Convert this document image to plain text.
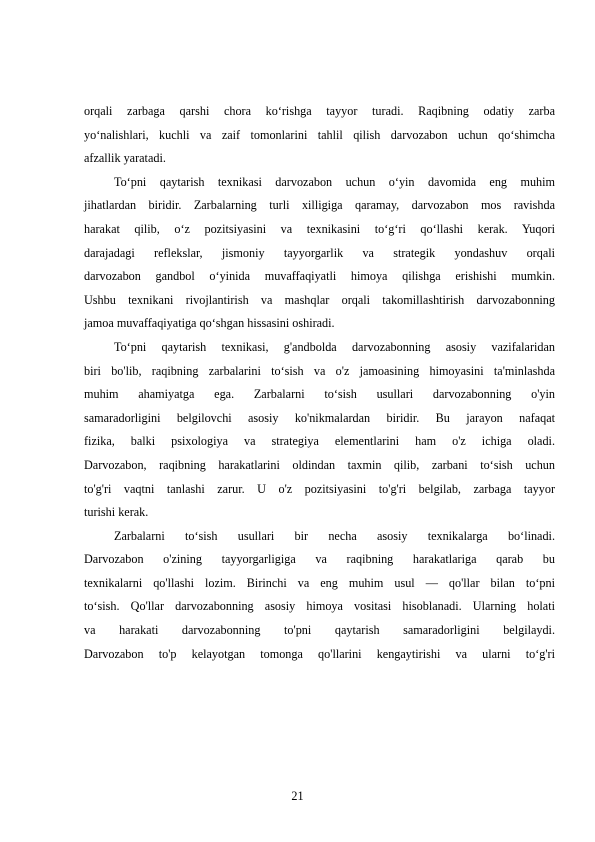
orqali zarbaga qarshi chora ko‘rishga tayyor turadi. Raqibning odatiy zarba
yo‘nalishlari, kuchli va zaif tomonlarini tahlil qilish darvozabon uchun qo‘shimcha
afzallik yaratadi.
To‘pni qaytarish texnikasi darvozabon uchun o‘yin davomida eng muhim
jihatlardan biridir. Zarbalarning turli xilligiga qaramay, darvozabon mos ravishda
harakat qilib, o‘z pozitsiyasini va texnikasini to‘g‘ri qo‘llashi kerak. Yuqori
darajadagi reflekslar, jismoniy tayyorgarlik va strategik yondashuv orqali
darvozabon gandbol o‘yinida muvaffaqiyatli himoya qilishga erishishi mumkin.
Ushbu texnikani rivojlantirish va mashqlar orqali takomillashtirish darvozabonning
jamoa muvaffaqiyatiga qo‘shgan hissasini oshiradi.
To‘pni qaytarish texnikasi, g'andbolda darvozabonning asosiy vazifalaridan
biri bo'lib, raqibning zarbalarini to‘sish va o'z jamoasining himoyasini ta'minlashda
muhim ahamiyatga ega. Zarbalarni to‘sish usullari darvozabonning o'yin
samaradorligini belgilovchi asosiy ko'nikmalardan biridir. Bu jarayon nafaqat
fizika, balki psixologiya va strategiya elementlarini ham o'z ichiga oladi.
Darvozabon, raqibning harakatlarini oldindan taxmin qilib, zarbani to‘sish uchun
to'g'ri vaqtni tanlashi zarur. U o'z pozitsiyasini to'g'ri belgilab, zarbaga tayyor
turishi kerak.
Zarbalarni to‘sish usullari bir necha asosiy texnikalarga bo‘linadi.
Darvozabon o'zining tayyorgarligiga va raqibning harakatlariga qarab bu
texnikalarni qo'llashi lozim. Birinchi va eng muhim usul — qo'llar bilan to‘pni
to‘sish. Qo'llar darvozabonning asosiy himoya vositasi hisoblanadi. Ularning holati
va harakati darvozabonning to'pni qaytarish samaradorligini belgilaydi.
Darvozabon to'p kelayotgan tomonga qo'llarini kengaytirishi va ularni to‘g'ri
21
